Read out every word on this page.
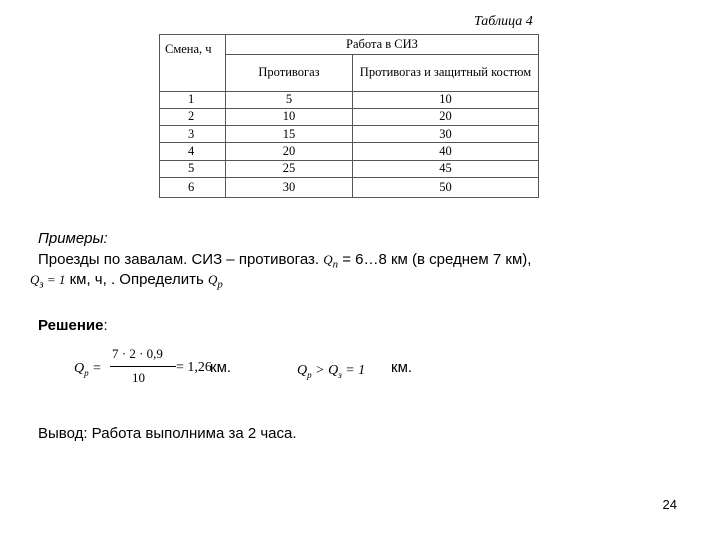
Таблица 4
Смена, ч	Работа в СИЗ	
	Противогаз	Противогаз и защитный костюм
1	5	10
2	10	20
3	15	30
4	20	40
5	25	45
6	30	50
Примеры:
Проезды по завалам. СИЗ – противогаз. $Q_п$ = 6…8 км (в среднем 7 км),
$Q_з = 1$ км, ч, . Определить $Q_р$
Решение:
$Q_р$ =
7 · 2 · 0,9
10
= 1,26
км.	$Q_р > Q_з = 1$ км.
Вывод: Работа выполнима за 2 часа.
24
